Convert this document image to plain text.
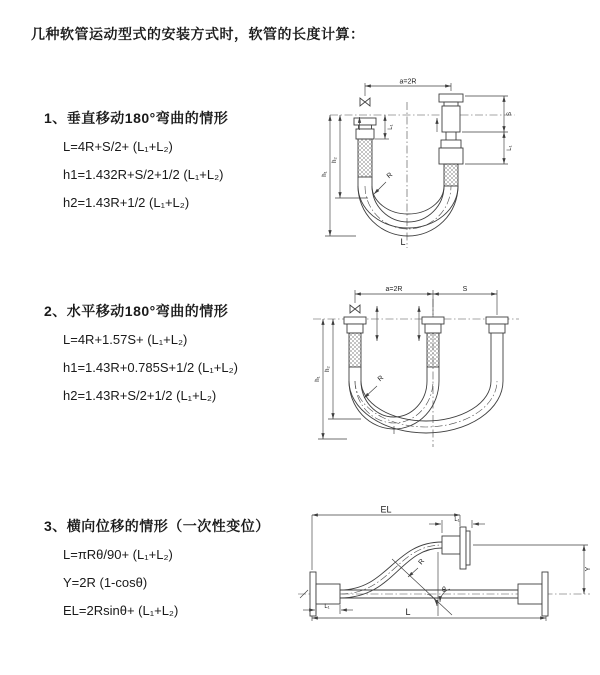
几种软管运动型式的安装方式时，软管的长度计算：
1、垂直移动180°弯曲的情形
L=4R+S/2+ (L₁+L₂)
h1=1.432R+S/2+1/2 (L₁+L₂)
h2=1.43R+1/2 (L₁+L₂)
2、水平移动180°弯曲的情形
L=4R+1.57S+ (L₁+L₂)
h1=1.43R+0.785S+1/2 (L₁+L₂)
h2=1.43R+S/2+1/2 (L₁+L₂)
3、横向位移的情形（一次性变位）
L=πRθ/90+ (L₁+L₂)
Y=2R (1-cosθ)
EL=2Rsinθ+ (L₁+L₂)
a=2R
L₁
S
L₁
h₁
h₂
R
L
a=2R	S
h₁
h₂
R
EL
L₁
Y
R
θ
L₁	L
